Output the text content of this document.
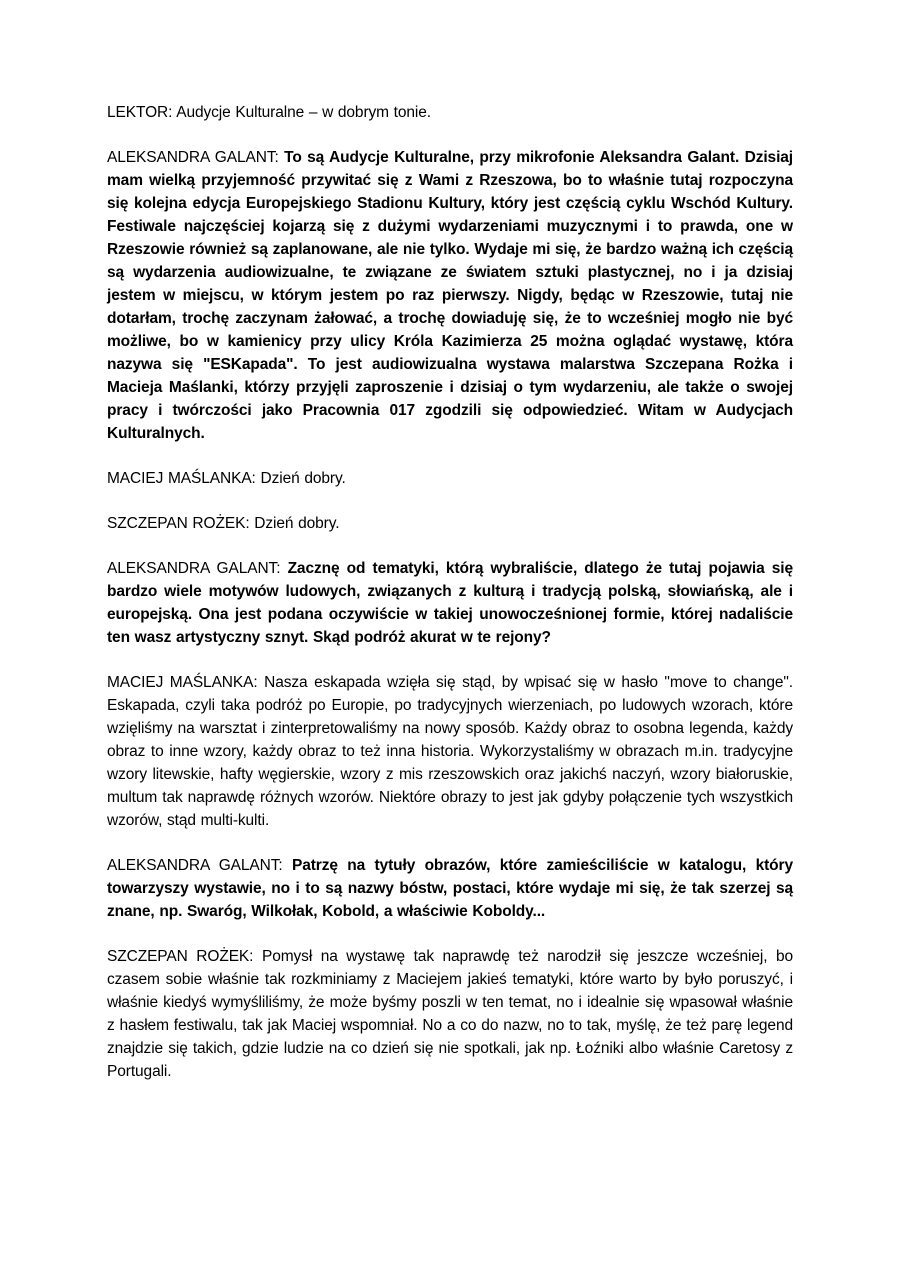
LEKTOR: Audycje Kulturalne – w dobrym tonie.

ALEKSANDRA GALANT: To są Audycje Kulturalne, przy mikrofonie Aleksandra Galant. Dzisiaj mam wielką przyjemność przywitać się z Wami z Rzeszowa, bo to właśnie tutaj rozpoczyna się kolejna edycja Europejskiego Stadionu Kultury, który jest częścią cyklu Wschód Kultury. Festiwale najczęściej kojarzą się z dużymi wydarzeniami muzycznymi i to prawda, one w Rzeszowie również są zaplanowane, ale nie tylko. Wydaje mi się, że bardzo ważną ich częścią są wydarzenia audiowizualne, te związane ze światem sztuki plastycznej, no i ja dzisiaj jestem w miejscu, w którym jestem po raz pierwszy. Nigdy, będąc w Rzeszowie, tutaj nie dotarłam, trochę zaczynam żałować, a trochę dowiaduję się, że to wcześniej mogło nie być możliwe, bo w kamienicy przy ulicy Króla Kazimierza 25 można oglądać wystawę, która nazywa się "ESKapada". To jest audiowizualna wystawa malarstwa Szczepana Rożka i Macieja Maślanki, którzy przyjęli zaproszenie i dzisiaj o tym wydarzeniu, ale także o swojej pracy i twórczości jako Pracownia 017 zgodzili się odpowiedzieć. Witam w Audycjach Kulturalnych.

MACIEJ MAŚLANKA: Dzień dobry.

SZCZEPAN ROŻEK: Dzień dobry.

ALEKSANDRA GALANT: Zacznę od tematyki, którą wybraliście, dlatego że tutaj pojawia się bardzo wiele motywów ludowych, związanych z kulturą i tradycją polską, słowiańską, ale i europejską. Ona jest podana oczywiście w takiej unowocześnionej formie, której nadaliście ten wasz artystyczny sznyt. Skąd podróż akurat w te rejony?

MACIEJ MAŚLANKA: Nasza eskapada wzięła się stąd, by wpisać się w hasło "move to change". Eskapada, czyli taka podróż po Europie, po tradycyjnych wierzeniach, po ludowych wzorach, które wzięliśmy na warsztat i zinterpretowaliśmy na nowy sposób. Każdy obraz to osobna legenda, każdy obraz to inne wzory, każdy obraz to też inna historia. Wykorzystaliśmy w obrazach m.in. tradycyjne wzory litewskie, hafty węgierskie, wzory z mis rzeszowskich oraz jakichś naczyń, wzory białoruskie, multum tak naprawdę różnych wzorów. Niektóre obrazy to jest jak gdyby połączenie tych wszystkich wzorów, stąd multi-kulti.

ALEKSANDRA GALANT: Patrzę na tytuły obrazów, które zamieściliście w katalogu, który towarzyszy wystawie, no i to są nazwy bóstw, postaci, które wydaje mi się, że tak szerzej są znane, np. Swaróg, Wilkołak, Kobold, a właściwie Koboldy...

SZCZEPAN ROŻEK: Pomysł na wystawę tak naprawdę też narodził się jeszcze wcześniej, bo czasem sobie właśnie tak rozkminiamy z Maciejem jakieś tematyki, które warto by było poruszyć, i właśnie kiedyś wymyśliliśmy, że może byśmy poszli w ten temat, no i idealnie się wpasował właśnie z hasłem festiwalu, tak jak Maciej wspomniał. No a co do nazw, no to tak, myślę, że też parę legend znajdzie się takich, gdzie ludzie na co dzień się nie spotkali, jak np. Łoźniki albo właśnie Caretosy z Portugali.
